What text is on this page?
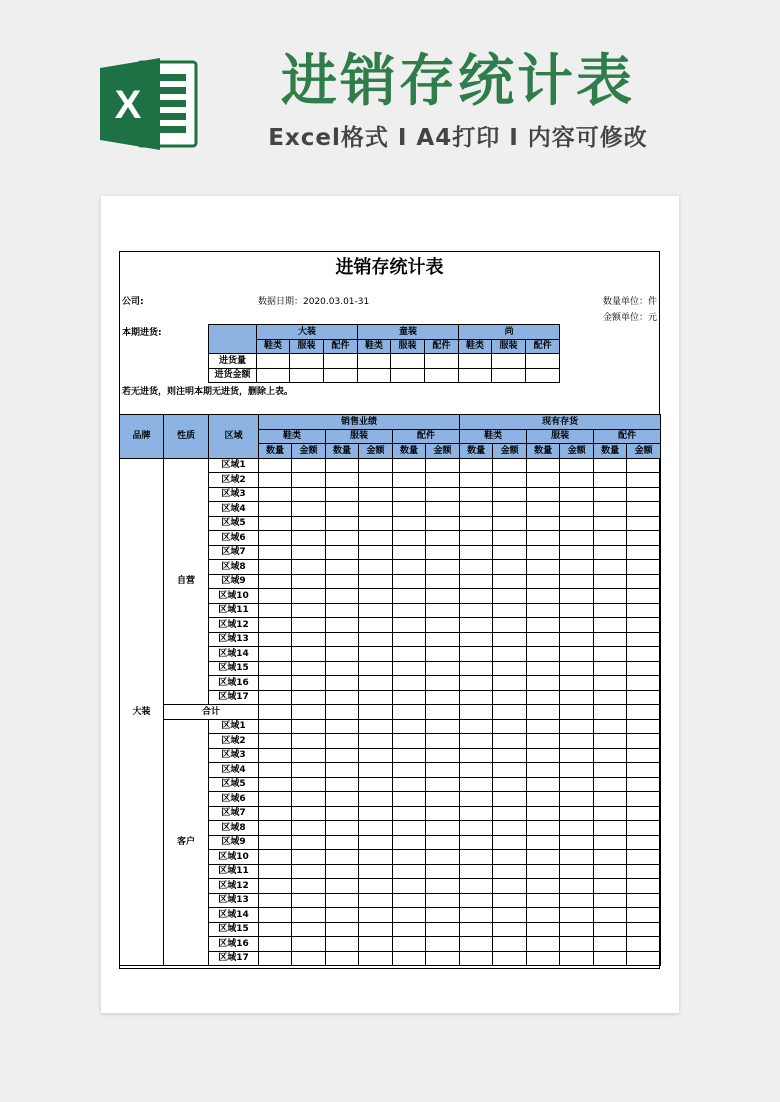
X	进销存统计表
Excel格式 I A4打印 I 内容可修改
进销存统计表
公司:	数据日期：2020.03.01-31	数量单位：件
金额单位：元
本期进货:
		大装			童装			尚		
	鞋类	服装	配件	鞋类	服装	配件	鞋类	服装	配件
进货量									
进货金额									
若无进货，则注明本期无进货，删除上表。
品牌	性质	区域	销售业绩						现有存货					
			鞋类		服装		配件		鞋类		服装		配件	
			数量	金额	数量	金额	数量	金额	数量	金额	数量	金额	数量	金额
大装	自营	区域1												
		区域2												
		区域3												
		区域4												
		区域5												
		区域6												
		区域7												
		区域8												
		区域9												
		区域10												
		区域11												
		区域12												
		区域13												
		区域14												
		区域15												
		区域16												
		区域17												
	合计													
	客户	区域1												
		区域2												
		区域3												
		区域4												
		区域5												
		区域6												
		区域7												
		区域8												
		区域9												
		区域10												
		区域11												
		区域12												
		区域13												
		区域14												
		区域15												
		区域16												
		区域17												
